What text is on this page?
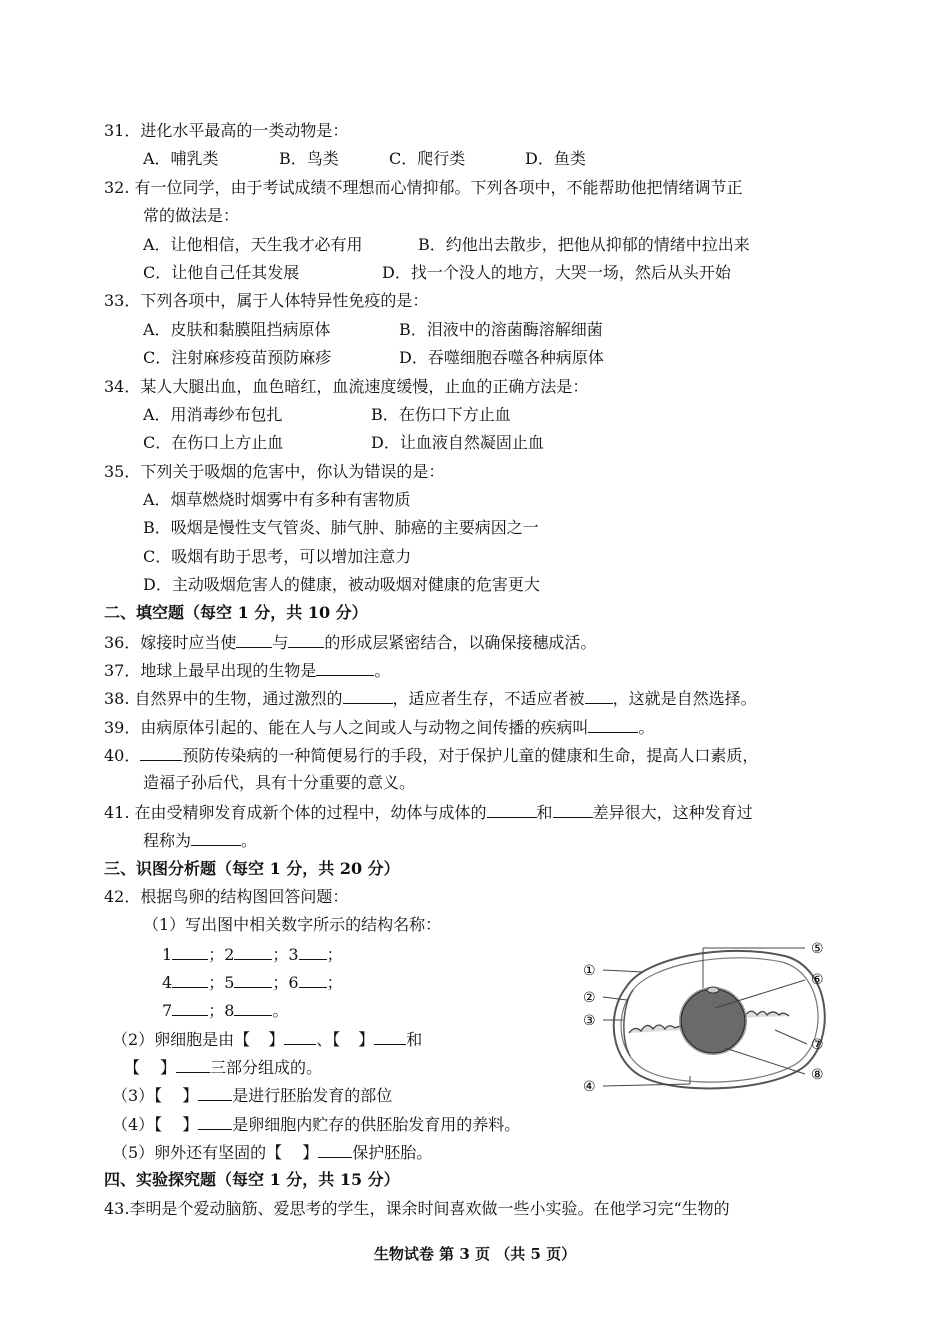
31．进化水平最高的一类动物是：
A．哺乳类	B．鸟类	C．爬行类	D．鱼类
32. 有一位同学，由于考试成绩不理想而心情抑郁。下列各项中，不能帮助他把情绪调节正
常的做法是：
A．让他相信，天生我才必有用	B．约他出去散步，把他从抑郁的情绪中拉出来
C．让他自己任其发展	D．找一个没人的地方，大哭一场，然后从头开始
33．下列各项中，属于人体特异性免疫的是：
A．皮肤和黏膜阻挡病原体	B．泪液中的溶菌酶溶解细菌
C．注射麻疹疫苗预防麻疹	D．吞噬细胞吞噬各种病原体
34．某人大腿出血，血色暗红，血流速度缓慢，止血的正确方法是：
A．用消毒纱布包扎	B．在伤口下方止血
C．在伤口上方止血	D．让血液自然凝固止血
35．下列关于吸烟的危害中，你认为错误的是：
A．烟草燃烧时烟雾中有多种有害物质
B．吸烟是慢性支气管炎、肺气肿、肺癌的主要病因之一
C．吸烟有助于思考，可以增加注意力
D．主动吸烟危害人的健康，被动吸烟对健康的危害更大
二、填空题（每空 1 分，共 10 分）
36．嫁接时应当使 与 的形成层紧密结合，以确保接穗成活。
37．地球上最早出现的生物是	。
38. 自然界中的生物，通过激烈的	，适应者生存，不适应者被 ，这就是自然选择。
39．由病原体引起的、能在人与人之间或人与动物之间传播的疾病叫	。
40．	预防传染病的一种简便易行的手段，对于保护儿童的健康和生命，提高人口素质，
造福子孙后代，具有十分重要的意义。
41. 在由受精卵发育成新个体的过程中，幼体与成体的	和	差异很大，这种发育过
程称为	。
三、识图分析题（每空 1 分，共 20 分）
42．根据鸟卵的结构图回答问题：
（1）写出图中相关数字所示的结构名称：
1 ；2 ；3 ；
4 ；5 ；6 ；
7 ；8 。
（2）卵细胞是由【 】 、【 】 和
【 】 三部分组成的。
（3）【 】 是进行胚胎发育的部位
（4）【 】 是卵细胞内贮存的供胚胎发育用的养料。
（5）卵外还有坚固的【 】 保护胚胎。
①
②
③
④
⑤
⑥
⑦
⑧
四、实验探究题（每空 1 分，共 15 分）
43.李明是个爱动脑筋、爱思考的学生，课余时间喜欢做一些小实验。在他学习完“生物的
生物试卷 第 3 页 （共 5 页）
